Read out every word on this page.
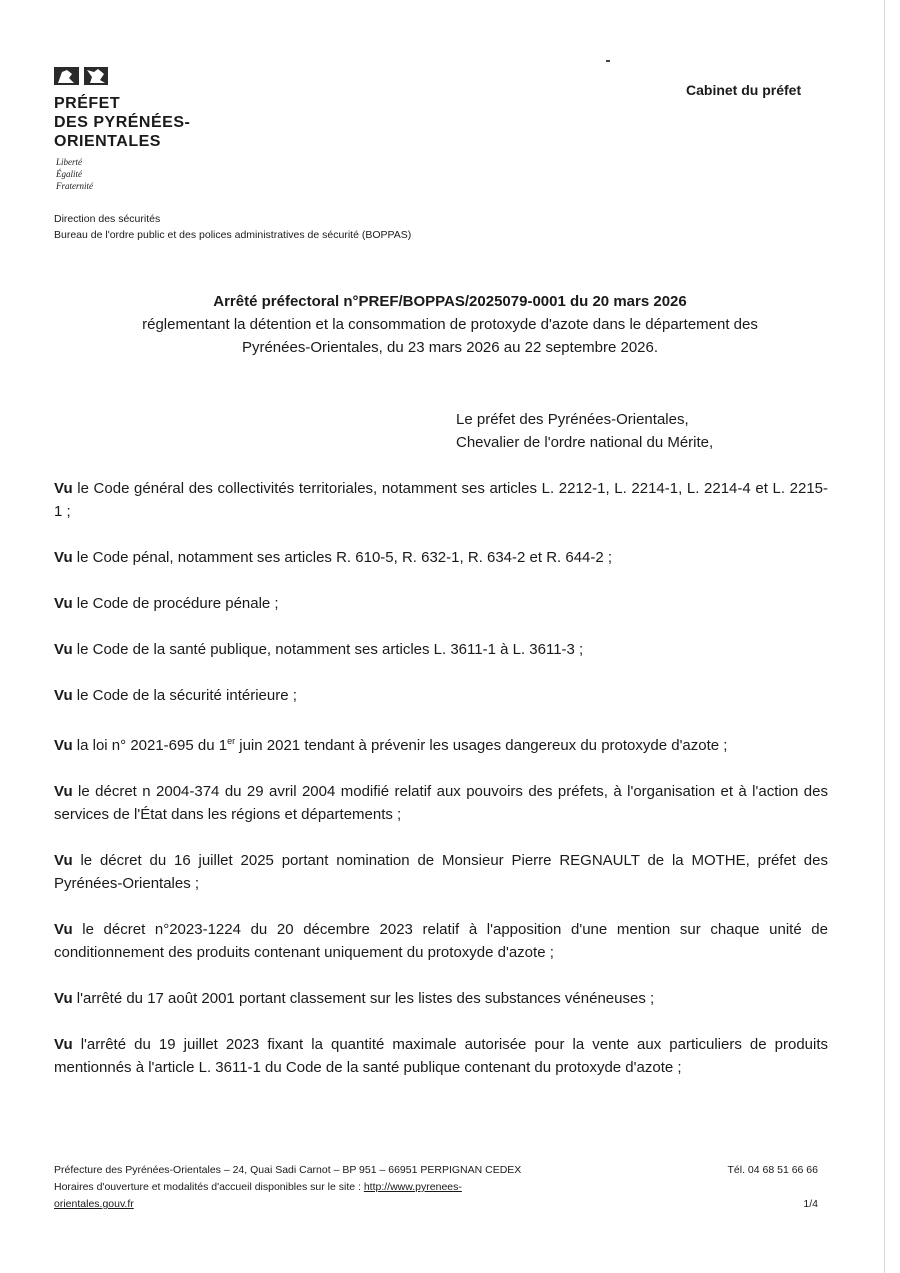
PRÉFET
DES PYRÉNÉES-
ORIENTALES
Liberté
Égalité
Fraternité
Cabinet du préfet
Direction des sécurités
Bureau de l'ordre public et des polices administratives de sécurité (BOPPAS)
Arrêté préfectoral n°PREF/BOPPAS/2025079-0001 du 20 mars 2026
réglementant la détention et la consommation de protoxyde d'azote dans le département des
Pyrénées-Orientales, du 23 mars 2026 au 22 septembre 2026.
Le préfet des Pyrénées-Orientales,
Chevalier de l'ordre national du Mérite,

Vu le Code général des collectivités territoriales, notamment ses articles L. 2212-1, L. 2214-1, L. 2214-4 et L. 2215-1 ;

Vu le Code pénal, notamment ses articles R. 610-5, R. 632-1, R. 634-2 et R. 644-2 ;

Vu le Code de procédure pénale ;

Vu le Code de la santé publique, notamment ses articles L. 3611-1 à L. 3611-3 ;

Vu le Code de la sécurité intérieure ;

Vu la loi n° 2021-695 du 1er juin 2021 tendant à prévenir les usages dangereux du protoxyde d'azote ;

Vu le décret n 2004-374 du 29 avril 2004 modifié relatif aux pouvoirs des préfets, à l'organisation et à l'action des services de l'État dans les régions et départements ;

Vu le décret du 16 juillet 2025 portant nomination de Monsieur Pierre REGNAULT de la MOTHE, préfet des Pyrénées-Orientales ;

Vu le décret n°2023-1224 du 20 décembre 2023 relatif à l'apposition d'une mention sur chaque unité de conditionnement des produits contenant uniquement du protoxyde d'azote ;

Vu l'arrêté du 17 août 2001 portant classement sur les listes des substances vénéneuses ;

Vu l'arrêté du 19 juillet 2023 fixant la quantité maximale autorisée pour la vente aux particuliers de produits mentionnés à l'article L. 3611-1 du Code de la santé publique contenant du protoxyde d'azote ;

Préfecture des Pyrénées-Orientales – 24, Quai Sadi Carnot – BP 951 – 66951 PERPIGNAN CEDEX	Tél. 04 68 51 66 66
Horaires d'ouverture et modalités d'accueil disponibles sur le site : http://www.pyrenees-
orientales.gouv.fr	1/4
